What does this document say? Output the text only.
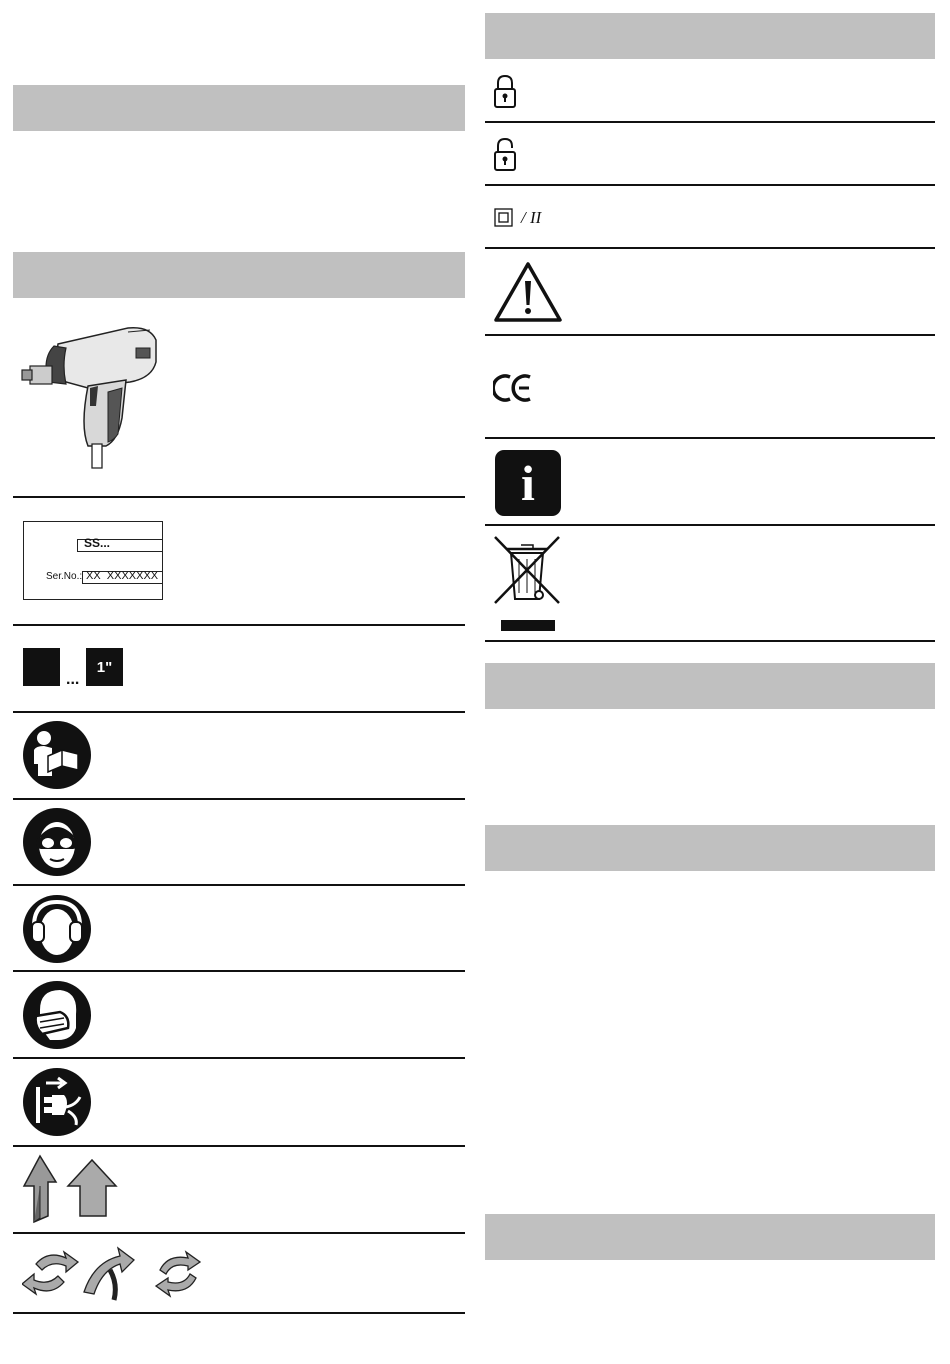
SS...
Ser.No.: XX  XXXXXXX
...
1"
/ II
i
